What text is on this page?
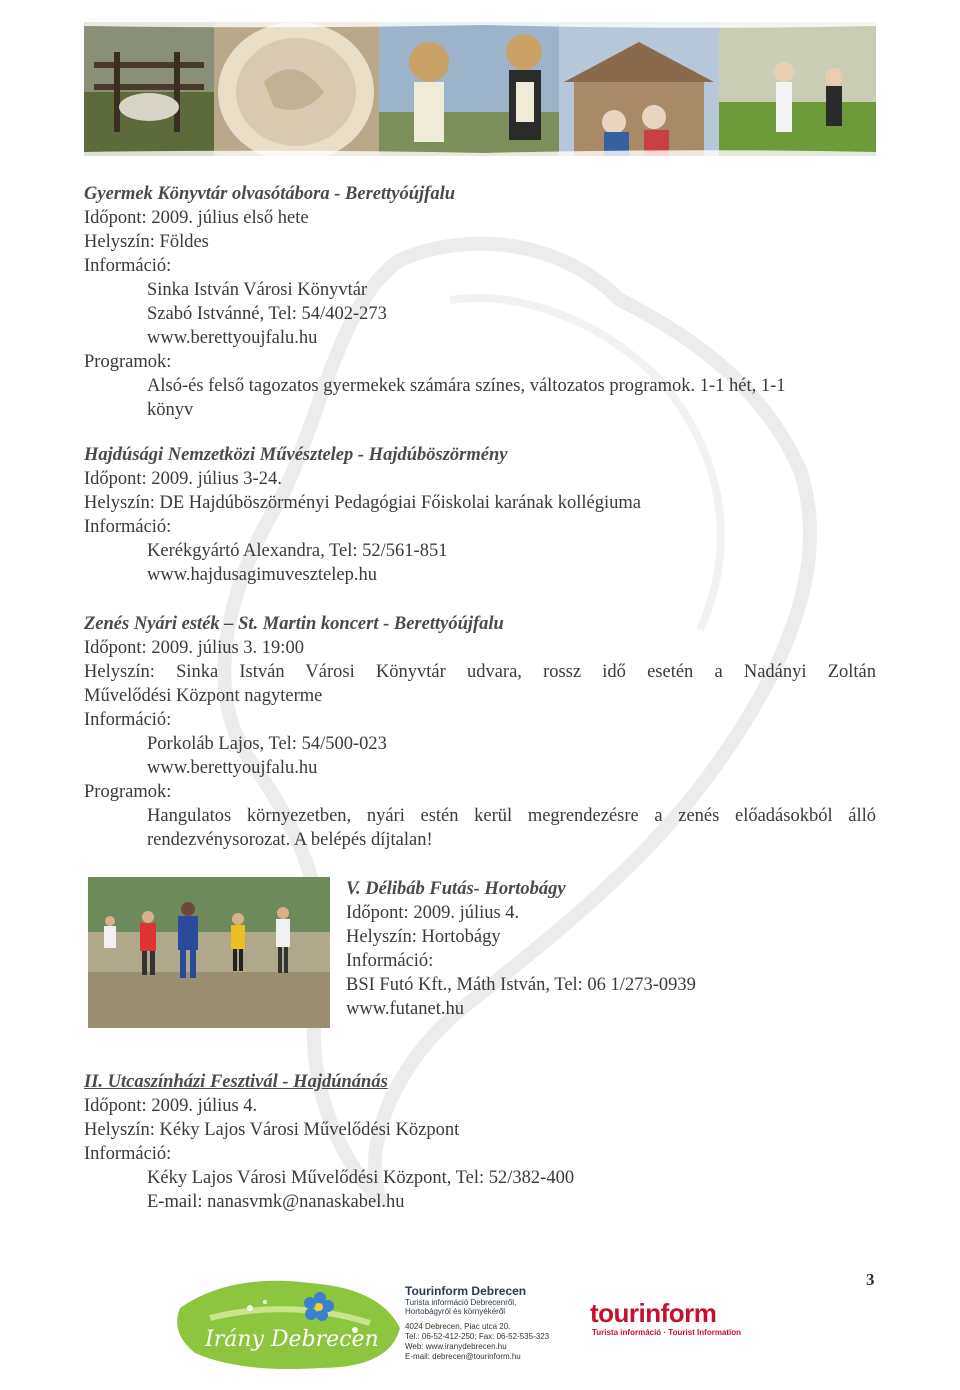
Gyermek Könyvtár olvasótábora - Berettyóújfalu
Időpont: 2009. július első hete
Helyszín: Földes
Információ:
Sinka István Városi Könyvtár
Szabó Istvánné, Tel: 54/402-273
www.berettyoujfalu.hu
Programok:
Alsó-és felső tagozatos gyermekek számára színes, változatos programok. 1-1 hét, 1-1
könyv
Hajdúsági Nemzetközi Művésztelep - Hajdúböszörmény
Időpont: 2009. július 3-24.
Helyszín: DE Hajdúböszörményi Pedagógiai Főiskolai karának kollégiuma
Információ:
Kerékgyártó Alexandra, Tel: 52/561-851
www.hajdusagimuvesztelep.hu
Zenés Nyári esték – St. Martin koncert - Berettyóújfalu
Időpont: 2009. július 3. 19:00
Helyszín: Sinka István Városi Könyvtár udvara, rossz idő esetén a Nadányi Zoltán
Művelődési Központ nagyterme
Információ:
Porkoláb Lajos, Tel: 54/500-023
www.berettyoujfalu.hu
Programok:
Hangulatos környezetben, nyári estén kerül megrendezésre a zenés előadásokból álló
rendezvénysorozat. A belépés díjtalan!
V. Délibáb Futás- Hortobágy
Időpont: 2009. július 4.
Helyszín: Hortobágy
Információ:
BSI Futó Kft., Máth István, Tel: 06 1/273-0939
www.futanet.hu
II. Utcaszínházi Fesztivál - Hajdúnánás
Időpont: 2009. július 4.
Helyszín: Kéky Lajos Városi Művelődési Központ
Információ:
Kéky Lajos Városi Művelődési Központ, Tel: 52/382-400
E-mail: nanasvmk@nanaskabel.hu
3
Irány Debrecen
Tourinform Debrecen
Turista információ Debrecenről,
Hortobágyról és környékéről
4024 Debrecen, Piac utca 20.
Tel.: 06-52-412-250; Fax: 06-52-535-323
Web: www.iranydebrecen.hu
E-mail: debrecen@tourinform.hu
tourinform
Turista információ · Tourist Information
